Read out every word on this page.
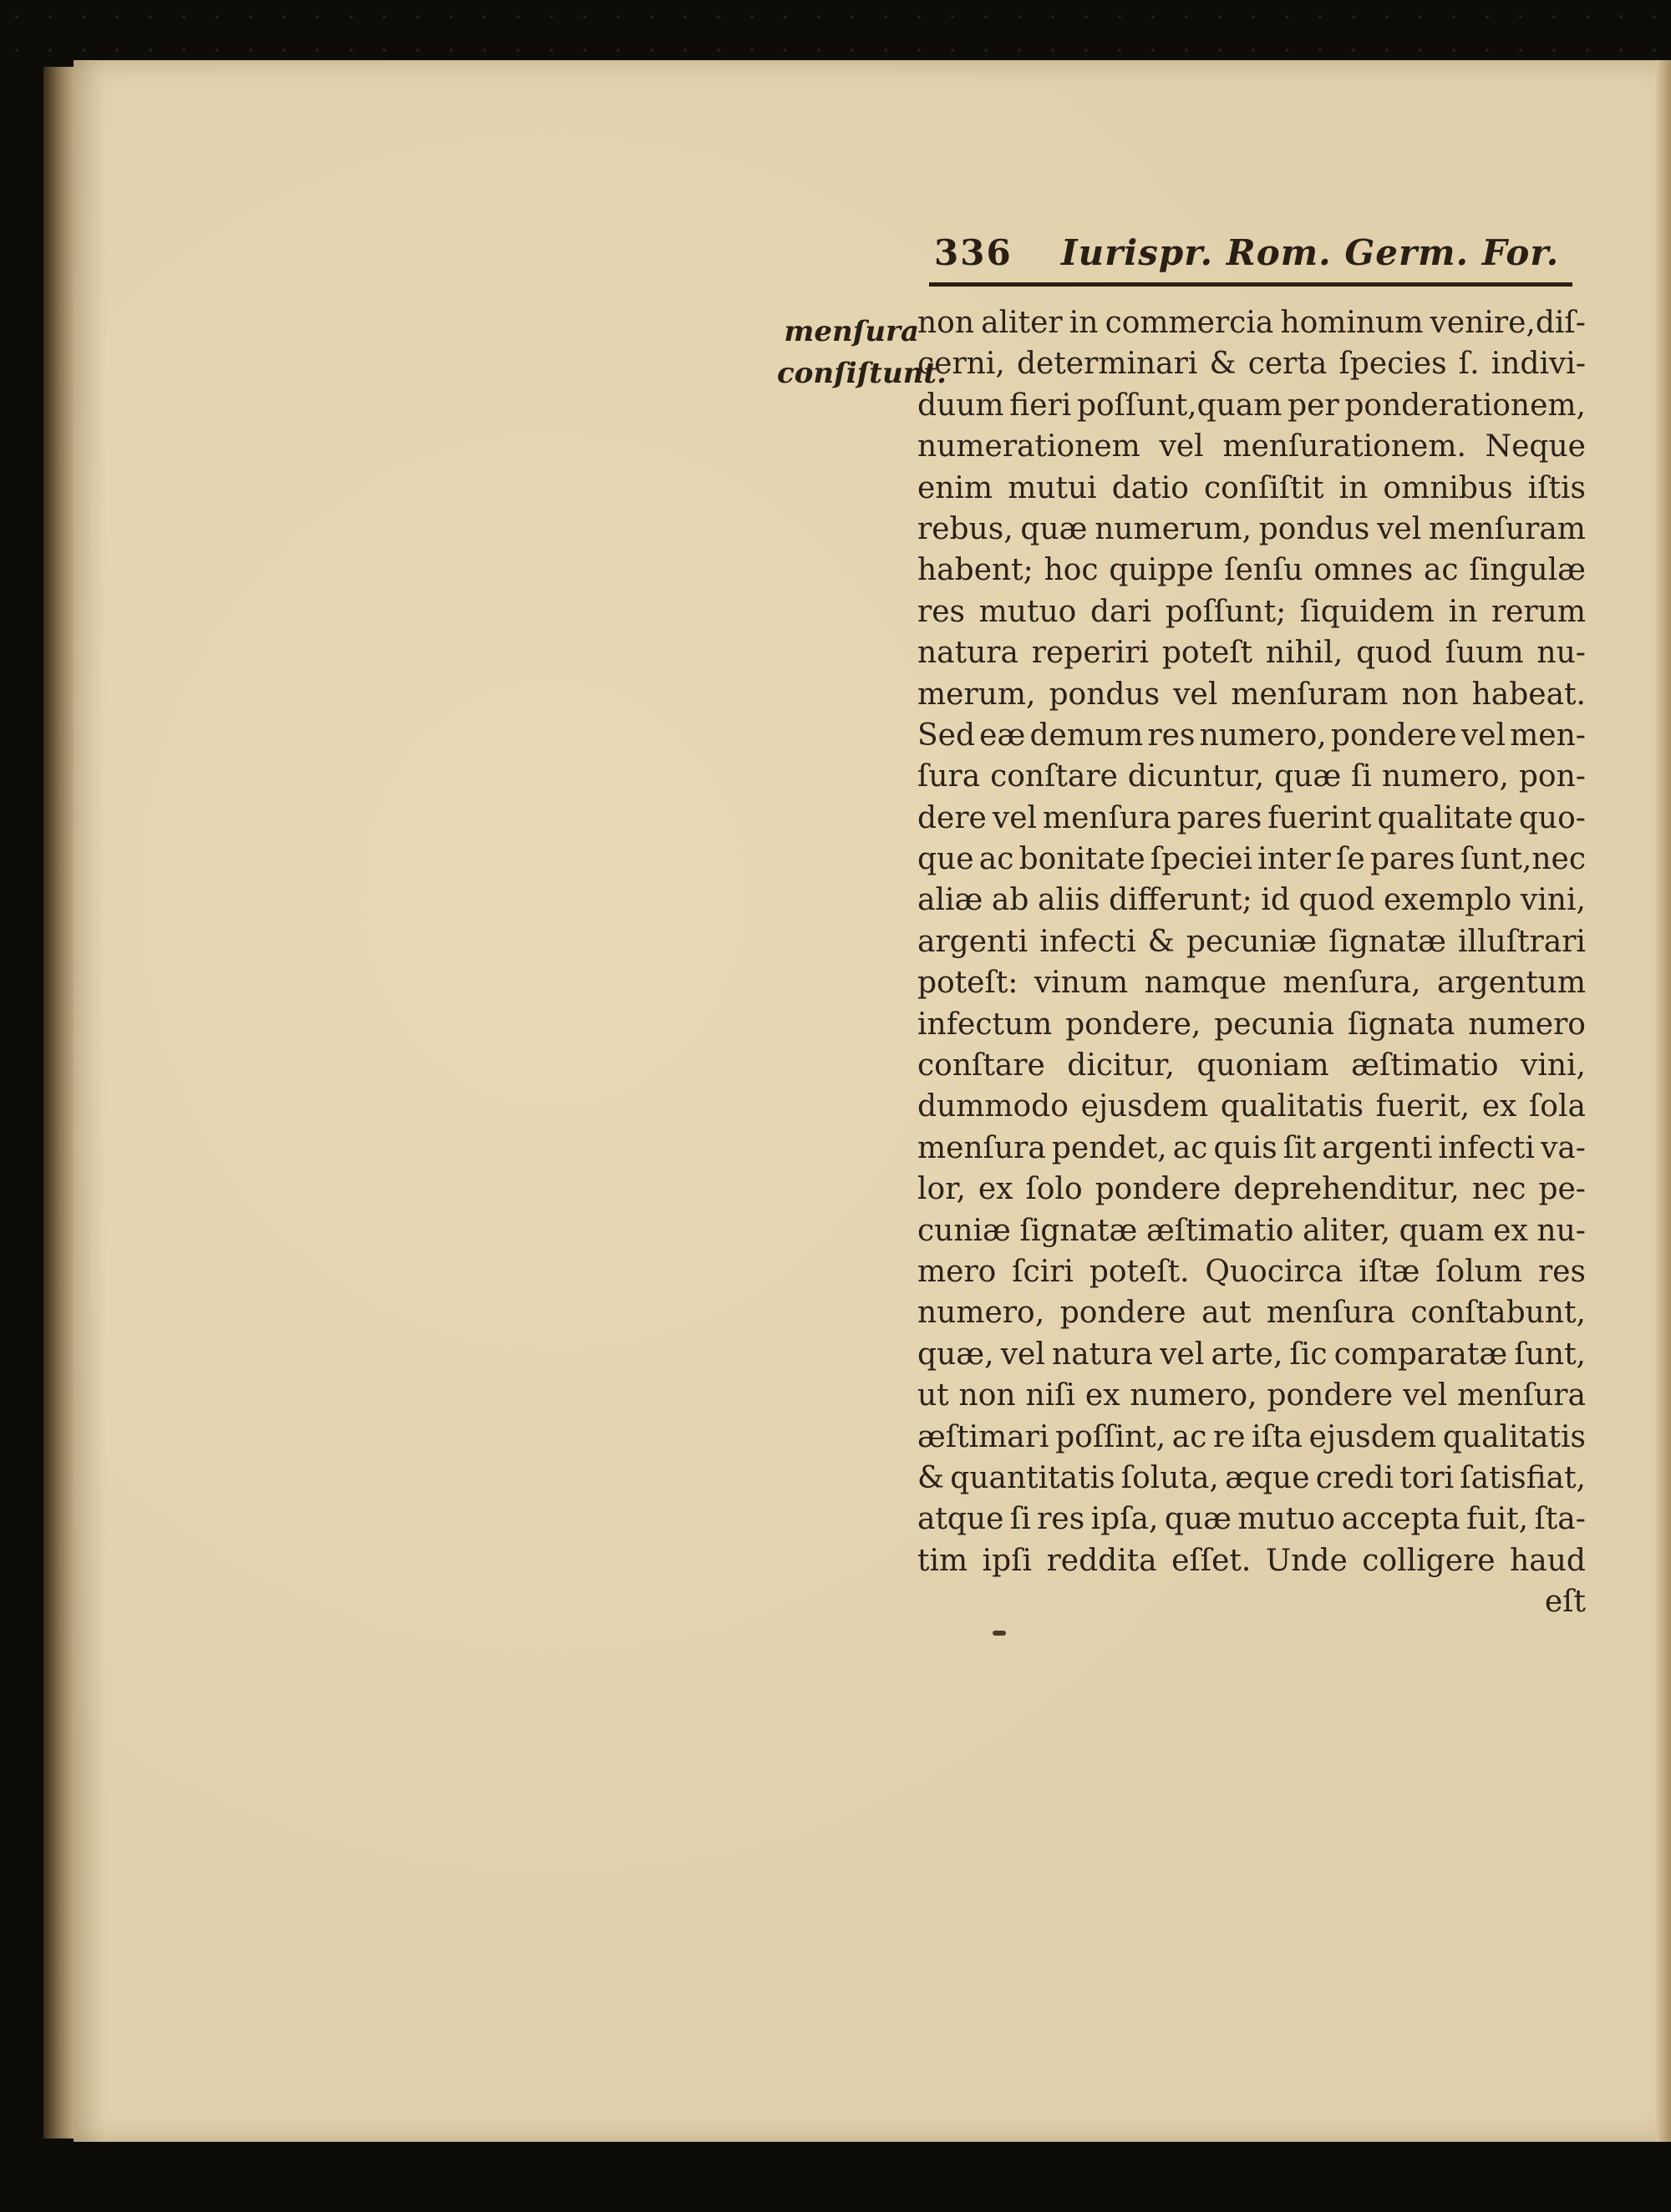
336 Iurispr. Rom. Germ. For.
menſura
conſiſtunt.
non aliter in commercia hominum venire,diſ-
cerni, determinari & certa ſpecies ſ. indivi-
duum fieri poſſunt,quam per ponderationem,
numerationem vel menſurationem. Neque
enim mutui datio conſiſtit in omnibus iſtis
rebus, quæ numerum, pondus vel menſuram
habent; hoc quippe ſenſu omnes ac ſingulæ
res mutuo dari poſſunt; ſiquidem in rerum
natura reperiri poteſt nihil, quod ſuum nu-
merum, pondus vel menſuram non habeat.
Sed eæ demum res numero, pondere vel men-
ſura conſtare dicuntur, quæ ſi numero, pon-
dere vel menſura pares fuerint qualitate quo-
que ac bonitate ſpeciei inter ſe pares ſunt,nec
aliæ ab aliis differunt; id quod exemplo vini,
argenti infecti & pecuniæ ſignatæ illuſtrari
poteſt: vinum namque menſura, argentum
infectum pondere, pecunia ſignata numero
conſtare dicitur, quoniam æſtimatio vini,
dummodo ejusdem qualitatis fuerit, ex ſola
menſura pendet, ac quis ſit argenti infecti va-
lor, ex ſolo pondere deprehenditur, nec pe-
cuniæ ſignatæ æſtimatio aliter, quam ex nu-
mero ſciri poteſt. Quocirca iſtæ ſolum res
numero, pondere aut menſura conſtabunt,
quæ, vel natura vel arte, ſic comparatæ ſunt,
ut non niſi ex numero, pondere vel menſura
æſtimari poſſint, ac re iſta ejusdem qualitatis
& quantitatis ſoluta, æque credi tori ſatisfiat,
atque ſi res ipſa, quæ mutuo accepta fuit, ſta-
tim ipſi reddita eſſet. Unde colligere haud
eſt
